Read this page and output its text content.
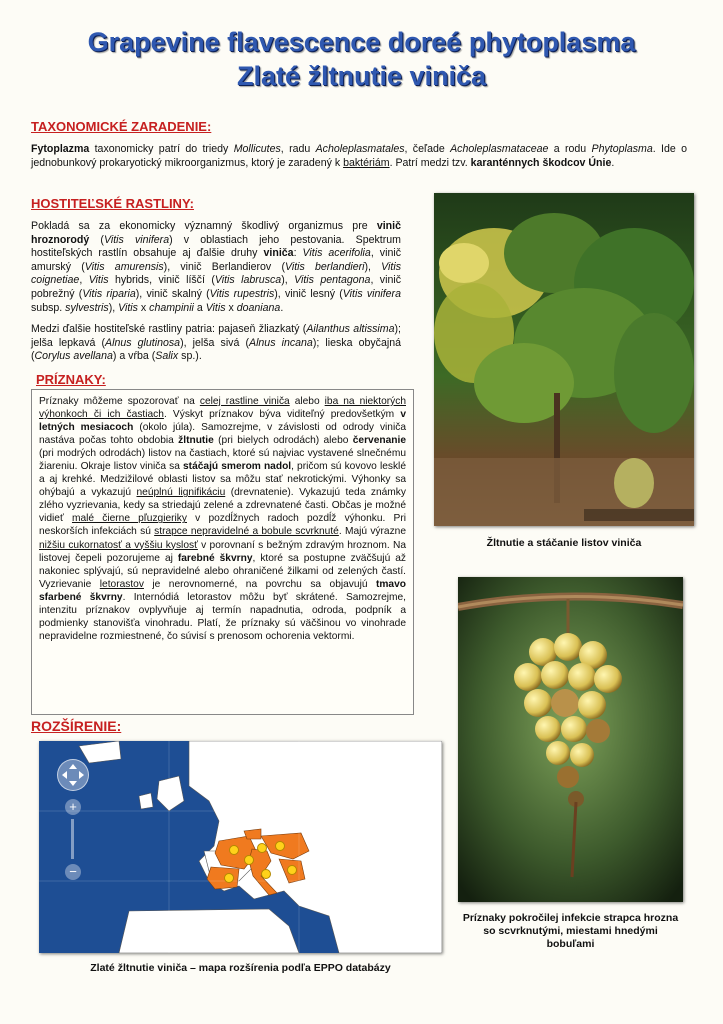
Grapevine flavescence doreé phytoplasma
Zlaté žltnutie viniča
TAXONOMICKÉ ZARADENIE:
Fytoplazma taxonomicky patrí do triedy Mollicutes, radu Acholeplasmatales, čeľade Acholeplasmataceae a rodu Phytoplasma. Ide o jednobunkový prokaryotický mikroorganizmus, ktorý je zaradený k baktériám. Patrí medzi tzv. karanténnych škodcov Únie.
HOSTITEĽSKÉ RASTLINY:

Pokladá sa za ekonomicky významný škodlivý organizmus pre vinič hroznorodý (Vitis vinifera) v oblastiach jeho pestovania. Spektrum hostiteľských rastlín obsahuje aj ďalšie druhy viniča: Vitis acerifolia, vinič amurský (Vitis amurensis), vinič Berlandierov (Vitis berlandieri), Vitis coignetiae, Vitis hybrids, vinič líščí (Vitis labrusca), Vitis pentagona, vinič pobrežný (Vitis riparia), vinič skalný (Vitis rupestris), vinič lesný (Vitis vinifera subsp. sylvestris), Vitis x champinii a Vitis x doaniana.

Medzi ďalšie hostiteľské rastliny patria: pajaseň žliazkatý (Ailanthus altissima); jelša lepkavá (Alnus glutinosa), jelša sivá (Alnus incana); lieska obyčajná (Corylus avellana) a vŕba (Salix sp.).

PRÍZNAKY:
Príznaky môžeme spozorovať na celej rastline viniča alebo iba na niektorých výhonkoch či ich častiach. Výskyt príznakov býva viditeľný predovšetkým v letných mesiacoch (okolo júla). Samozrejme, v závislosti od odrody viniča nastáva počas tohto obdobia žltnutie (pri bielych odrodách) alebo červenanie (pri modrých odrodách) listov na častiach, ktoré sú najviac vystavené slnečnému žiareniu. Okraje listov viniča sa stáčajú smerom nadol, pričom sú kovovo lesklé a aj krehké. Medzižilové oblasti listov sa môžu stať nekrotickými. Výhonky sa ohýbajú a vykazujú neúplnú lignifikáciu (drevnatenie). Vykazujú teda známky zlého vyzrievania, kedy sa striedajú zelené a zdrevnatené časti. Občas je možné vidieť malé čierne pľuzgieriky v pozdĺžnych radoch pozdĺž výhonku. Pri neskorších infekciách sú strapce nepravidelné a bobule scvrknuté. Majú výrazne nižšiu cukornatosť a vyššiu kyslosť v porovnaní s bežným zdravým hroznom. Na listovej čepeli pozorujeme aj farebné škvrny, ktoré sa postupne zväčšujú až nakoniec splývajú, sú nepravidelné alebo ohraničené žilkami od zelených častí. Vyzrievanie letorastov je nerovnomerné, na povrchu sa objavujú tmavo sfarbené škvrny. Internódiá letorastov môžu byť skrátené. Samozrejme, intenzitu príznakov ovplyvňuje aj termín napadnutia, odroda, podpník a podmienky stanovišťa vinohradu. Platí, že príznaky sú väčšinou vo vinohrade nepravidelne rozmiestnené, čo súvisí s prenosom ochorenia vektormi.
ROZŠÍRENIE:
Žltnutie a stáčanie listov viniča
Príznaky pokročilej infekcie strapca hrozna so scvrknutými, miestami hnedými bobuľami
+
−
Zlaté žltnutie viniča – mapa rozšírenia podľa EPPO databázy
